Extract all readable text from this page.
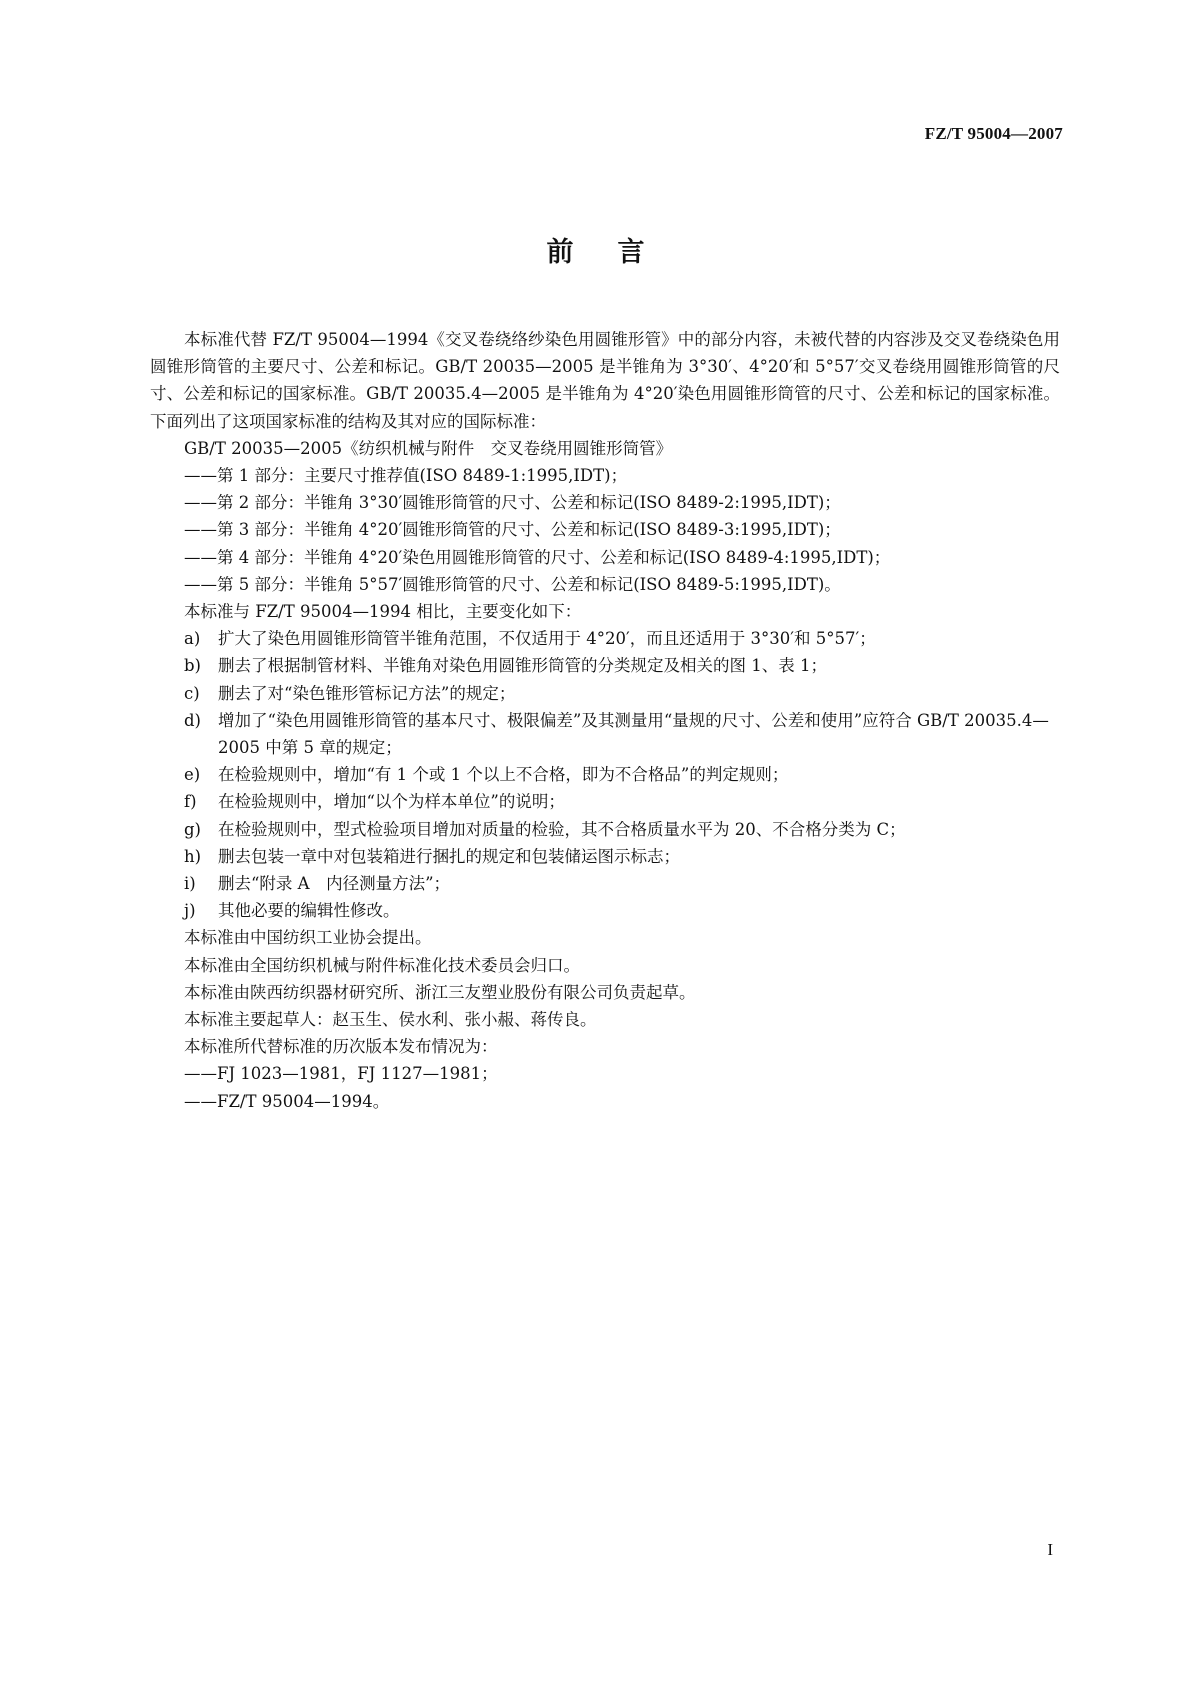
FZ/T 95004—2007
前言

本标准代替 FZ/T 95004—1994《交叉卷绕络纱染色用圆锥形管》中的部分内容，未被代替的内容涉及交叉卷绕染色用圆锥形筒管的主要尺寸、公差和标记。GB/T 20035—2005 是半锥角为 3°30′、4°20′和 5°57′交叉卷绕用圆锥形筒管的尺寸、公差和标记的国家标准。GB/T 20035.4—2005 是半锥角为 4°20′染色用圆锥形筒管的尺寸、公差和标记的国家标准。下面列出了这项国家标准的结构及其对应的国际标准：

GB/T 20035—2005《纺织机械与附件　交叉卷绕用圆锥形筒管》

——第 1 部分：主要尺寸推荐值(ISO 8489-1:1995,IDT)；

——第 2 部分：半锥角 3°30′圆锥形筒管的尺寸、公差和标记(ISO 8489-2:1995,IDT)；

——第 3 部分：半锥角 4°20′圆锥形筒管的尺寸、公差和标记(ISO 8489-3:1995,IDT)；

——第 4 部分：半锥角 4°20′染色用圆锥形筒管的尺寸、公差和标记(ISO 8489-4:1995,IDT)；

——第 5 部分：半锥角 5°57′圆锥形筒管的尺寸、公差和标记(ISO 8489-5:1995,IDT)。

本标准与 FZ/T 95004—1994 相比，主要变化如下：

a)	扩大了染色用圆锥形筒管半锥角范围，不仅适用于 4°20′，而且还适用于 3°30′和 5°57′；
b)	删去了根据制管材料、半锥角对染色用圆锥形筒管的分类规定及相关的图 1、表 1；
c)	删去了对“染色锥形管标记方法”的规定；
d)	增加了“染色用圆锥形筒管的基本尺寸、极限偏差”及其测量用“量规的尺寸、公差和使用”应符合 GB/T 20035.4—2005 中第 5 章的规定；
e)	在检验规则中，增加“有 1 个或 1 个以上不合格，即为不合格品”的判定规则；
f)	在检验规则中，增加“以个为样本单位”的说明；
g)	在检验规则中，型式检验项目增加对质量的检验，其不合格质量水平为 20、不合格分类为 C；
h)	删去包装一章中对包装箱进行捆扎的规定和包装储运图示标志；
i)	删去“附录 A　内径测量方法”；
j)	其他必要的编辑性修改。

本标准由中国纺织工业协会提出。

本标准由全国纺织机械与附件标准化技术委员会归口。

本标准由陕西纺织器材研究所、浙江三友塑业股份有限公司负责起草。

本标准主要起草人：赵玉生、侯水利、张小赧、蒋传良。

本标准所代替标准的历次版本发布情况为：

——FJ 1023—1981，FJ 1127—1981；

——FZ/T 95004—1994。

I
